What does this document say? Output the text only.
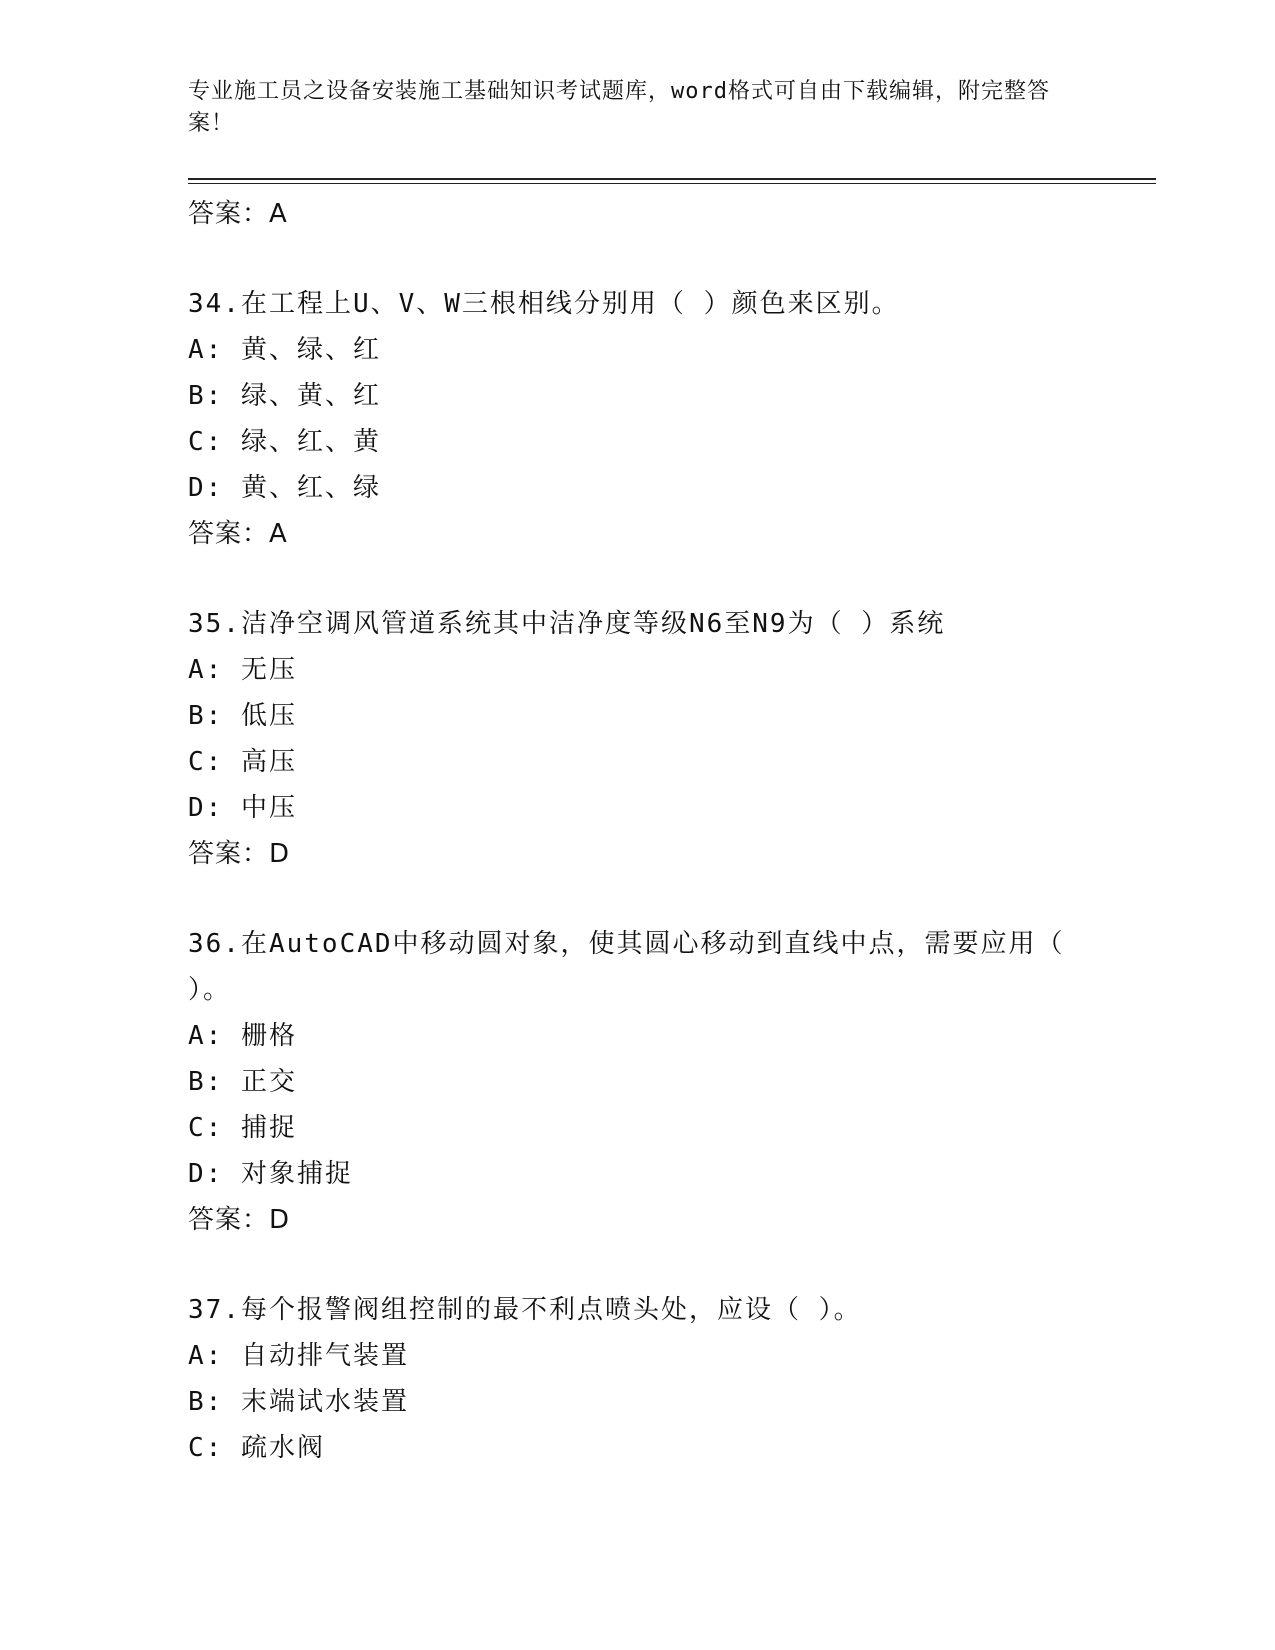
专业施工员之设备安装施工基础知识考试题库，word格式可自由下载编辑，附完整答案！

答案：A

34.在工程上U、V、W三根相线分别用（ ）颜色来区别。

A: 黄、绿、红

B: 绿、黄、红

C: 绿、红、黄

D: 黄、红、绿

答案：A

35.洁净空调风管道系统其中洁净度等级N6至N9为（ ）系统

A: 无压

B: 低压

C: 高压

D: 中压

答案：D

36.在AutoCAD中移动圆对象，使其圆心移动到直线中点，需要应用（ ）。

A: 栅格

B: 正交

C: 捕捉

D: 对象捕捉

答案：D

37.每个报警阀组控制的最不利点喷头处，应设（ ）。

A: 自动排气装置

B: 末端试水装置

C: 疏水阀
